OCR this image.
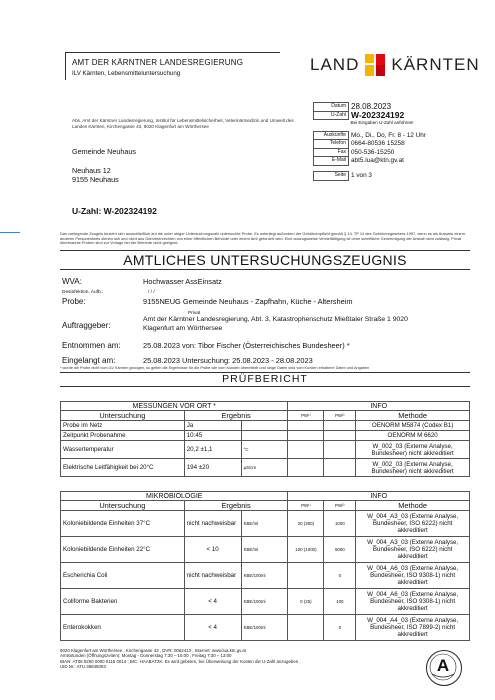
AMT DER KÄRNTNER LANDESREGIERUNG
ILV Kärnten, Lebensmitteluntersuchung	LAND KÄRNTEN
Abs. Amt der Kärntner Landesregierung, Institut für Lebensmittelsicherheit, Veterinärmedizin und Umwelt des Landes Kärnten, Kirchengasse 43, 9020 Klagenfurt am Wörthersee
Gemeinde Neuhaus
Neuhaus 12
9155 Neuhaus
Datum	28.08.2023
U-Zahl	W-202324192
	Bei Eingaben U-Zahl anführen!

Auskünfte	Mo., Di., Do, Fr. 8 - 12 Uhr
Telefon	0664-80536 15258
Fax	050-536-15250
E-Mail	abt5.lua@ktn.gv.at

Seite	1 von 3
U-Zahl: W-202324192
Das vorliegende Zeugnis bezieht sich ausschließlich auf die unter obiger Untersuchungszahl untersuchte Probe. Es unterliegt außerdem der Gebührenpflicht gemäß § 14. TP 14 des Gebührengesetzes 1957, wenn es als Ausweis einem anderen Personenkreis dienen soll und nicht aus Gebührenrechten von einer öffentlichen Behörde oder einem Amt gefordert wird. Eine auszugsweise Vervielfältigung ist ohne schriftliche Genehmigung der Anstalt nicht zulässig. Privat überbrachte Proben sind zur Vorlage bei der Behörde nicht geeignet.
AMTLICHES UNTERSUCHUNGSZEUGNIS
WVA:	Hochwasser AssEinsatz
Desinfektion, Aufb.:	/ / /
Probe:	9155NEUG Gemeinde Neuhaus - Zapfhahn, Küche - Altersheim
Privat
Auftraggeber:
Amt der Kärntner Landesregierung, Abt. 3, Katastrophenschutz Mießtaler Straße 1 9020
Klagenfurt am Wörthersee
Entnommen am:	25.08.2023 von: Tibor Fischer (Österreichisches Bundesheer) *
Eingelangt am:	25.08.2023 Untersuchung: 25.08.2023 - 28.08.2023
* wurde die Probe nicht vom ILV Kärnten gezogen, so gelten die Ergebnisse für die Probe wie vom Kunden übermittelt und obige Daten sind vom Kunden erhaltene Daten und Angaben
PRÜFBERICHT
MESSUNGEN VOR ORT *			INFO		
Untersuchung	Ergebnis		PW¹⁾	PW²⁾	Methode
Probe im Netz	Ja				OENORM M5874 (Codex B1)
Zeitpunkt Probenahme	10:45				OENORM M 6620
Wassertemperatur	20,2 ±1,1	°C			W_002_03 (Externe Analyse, Bundesheer) nicht akkreditiert
Elektrische Leitfähigkeit bei 20°C	194 ±20	µS/cm			W_002_03 (Externe Analyse, Bundesheer) nicht akkreditiert
MIKROBIOLOGIE			INFO		
Untersuchung	Ergebnis		PW¹⁾	PW²⁾	Methode
Koloniebildende Einheiten 37°C	nicht nachweisbar	KBE/ml	20 (300)	1000	W_004_A3_03 (Externe Analyse, Bundesheer, ISO 6222) nicht akkreditiert
Koloniebildende Einheiten 22°C	< 10	KBE/ml	100 (1000)	5000	W_004_A3_03 (Externe Analyse, Bundesheer, ISO 6222) nicht akkreditiert
Escherichia Coli	nicht nachweisbar	KBE/100ml		0	W_004_A6_03 (Externe Analyse, Bundesheer, ISO 9308-1) nicht akkreditiert
Coliforme Bakterien	< 4	KBE/100ml	0 (25)	100	W_004_A6_03 (Externe Analyse, Bundesheer, ISO 9308-1) nicht akkreditiert
Enterokokken	< 4	KBE/100ml		0	W_004_A4_03 (Externe Analyse, Bundesheer, ISO 7899-2) nicht akkreditiert
9020 Klagenfurt am Wörthersee , Kirchengasse 43 , DVR: 0062413 , Internet: www.lua.ktn.gv.at
Amtsstunden (Öffnungszeiten): Montag - Donnerstag 7:30 – 16:00 , Freitag 7:30 – 13:00
IBAN: AT06 5200 0000 0115 0014 ; BIC: HAABAT2K. Es wird gebeten, bei Überweisung der Kosten die U-Zahl anzugeben .
UID Nr.: ATU 36845003	A
